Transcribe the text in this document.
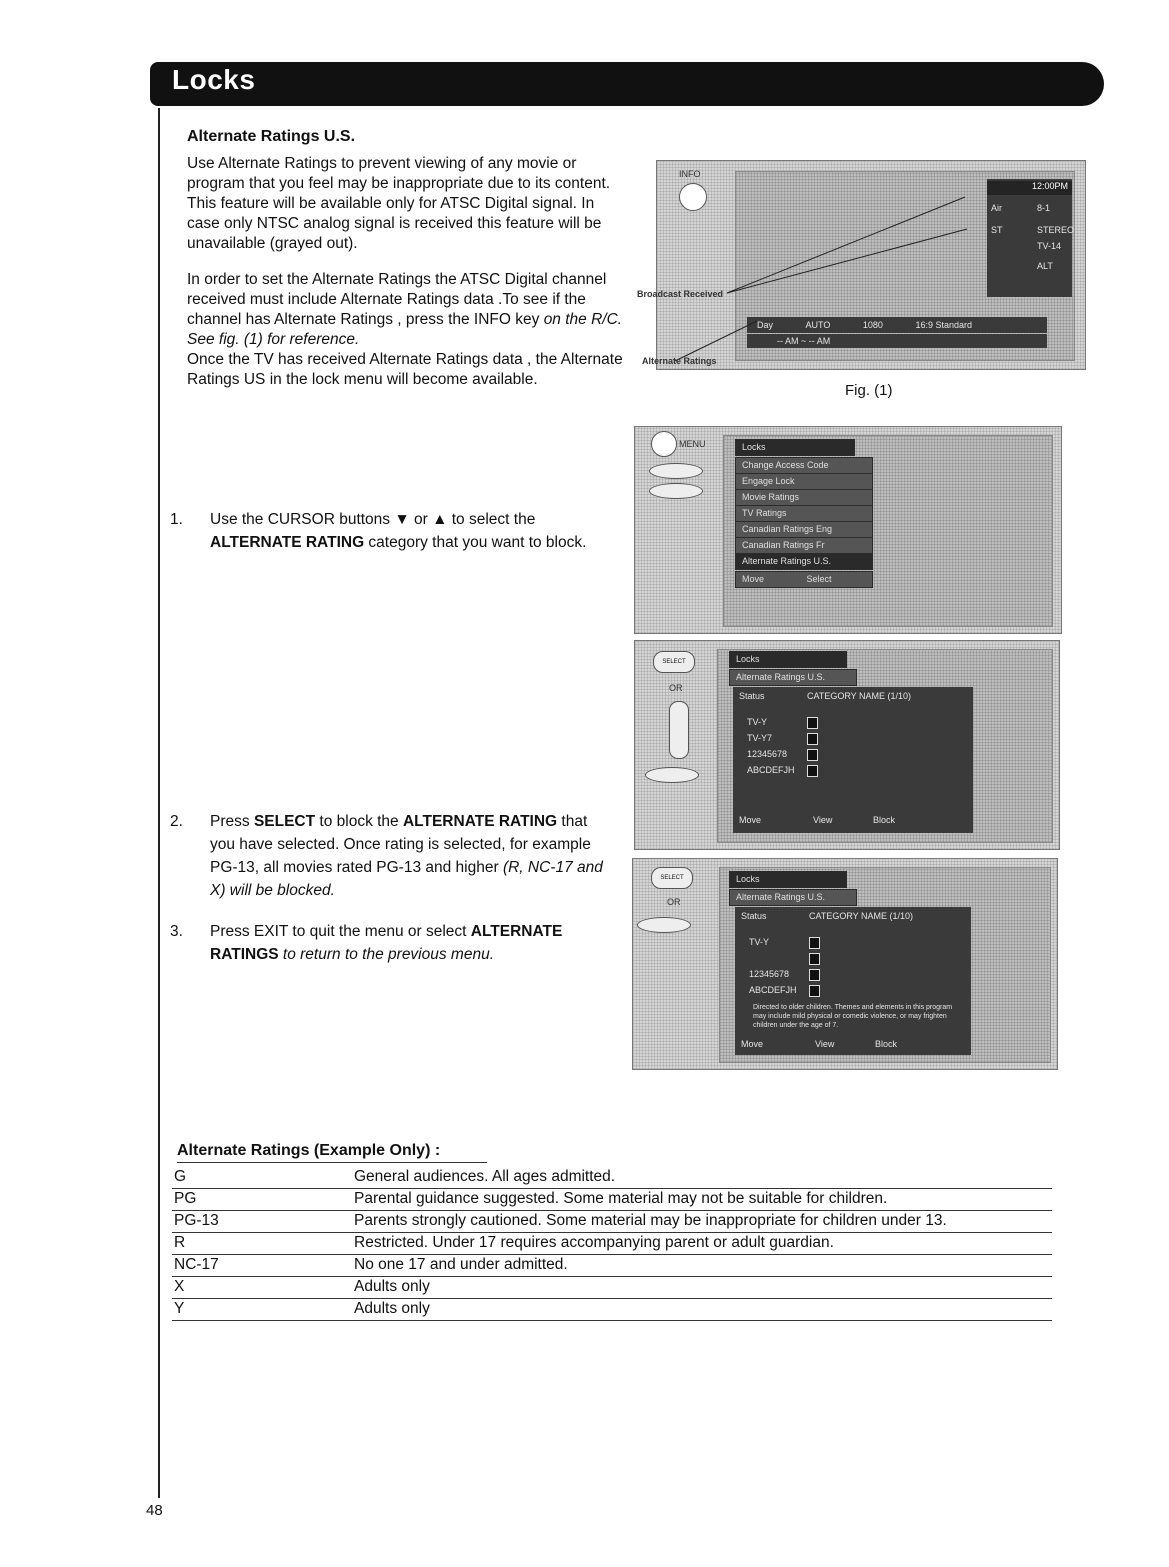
Locks
48
Alternate Ratings U.S.

Use Alternate Ratings to prevent viewing of any movie or program that you feel may be inappropriate due to its content. This feature will be available only for ATSC Digital signal. In case only NTSC analog signal is received this feature will be unavailable (grayed out).

In order to set the Alternate Ratings the ATSC Digital channel received must include Alternate Ratings data .To see if the channel has Alternate Ratings , press the INFO key on the R/C. See fig. (1) for reference.

Once the TV has received Alternate Ratings data , the Alternate Ratings US in the lock menu will become available.

INFO
12:00PM
Air	8-1
ST	STEREO
TV-14
ALT
Day	AUTO	1080	16:9 Standard
-- AM ~ -- AM
Broadcast Received
Alternate Ratings
Fig. (1)
MENU	Locks
Change Access Code
Engage Lock
Movie Ratings
TV Ratings
Canadian Ratings Eng
Canadian Ratings Fr
Alternate Ratings U.S.
Move	Select
SELECT
OR
Locks
Alternate Ratings U.S.
Status	CATEGORY NAME (1/10)
TV-Y
TV-Y7
12345678
ABCDEFJH
Move	View	Block
SELECT
OR
Locks
Alternate Ratings U.S.
Status	CATEGORY NAME (1/10)
TV-Y
12345678
ABCDEFJH
Directed to older children. Themes and elements in this program may include mild physical or comedic violence, or may frighten children under the age of 7.
Move	View	Block
1. Use the CURSOR buttons ▼ or ▲ to select the ALTERNATE RATING category that you want to block.
2. Press SELECT to block the ALTERNATE RATING that you have selected. Once rating is selected, for example PG-13, all movies rated PG-13 and higher (R, NC-17 and X) will be blocked.
3. Press EXIT to quit the menu or select ALTERNATE RATINGS to return to the previous menu.
Alternate Ratings (Example Only) :
G	General audiences. All ages admitted.
PG	Parental guidance suggested. Some material may not be suitable for children.
PG-13	Parents strongly cautioned. Some material may be inappropriate for children under 13.
R	Restricted. Under 17 requires accompanying parent or adult guardian.
NC-17	No one 17 and under admitted.
X	Adults only
Y	Adults only
